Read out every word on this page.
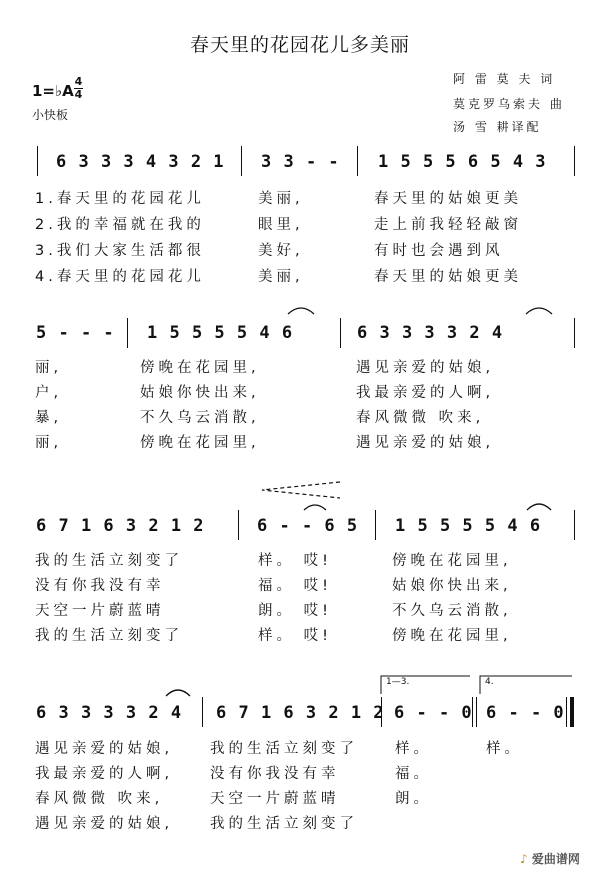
春天里的花园花儿多美丽
阿 雷 莫 夫 词
莫克罗乌索夫 曲
汤 雪 耕译配
1=♭A
4
4
小快板
6 3 3 3 4 3 2 1 3 3 - - 1 5 5 5 6 5 4 3
1.春天里的花园花儿	美丽,	春天里的姑娘更美
2.我的幸福就在我的	眼里,	走上前我轻轻敲窗
3.我们大家生活都很	美好,	有时也会遇到风
4.春天里的花园花儿	美丽,	春天里的姑娘更美
5 - - - 1 5 5 5 5 4 6	6 3 3 3 3 2 4
丽,	傍晚在花园里,	遇见亲爱的姑娘,
户,	姑娘你快出来,	我最亲爱的人啊,
暴,	不久乌云消散,	春风微微 吹来,
丽,	傍晚在花园里,	遇见亲爱的姑娘,
6 7 1 6 3 2 1 2	6 - - 6 5 1 5 5 5 5 4 6
我的生活立刻变了	样。 哎!	傍晚在花园里,
没有你我没有幸	福。 哎!	姑娘你快出来,
天空一片蔚蓝晴	朗。 哎!	不久乌云消散,
我的生活立刻变了	样。 哎!	傍晚在花园里,
1—3.	4.
6 3 3 3 3 2 4 6 7 1 6 3 2 1 2 6 - - 0 6 - - 0
遇见亲爱的姑娘,	我的生活立刻变了	样。	样。
我最亲爱的人啊,	没有你我没有幸	福。
春风微微 吹来,	天空一片蔚蓝晴	朗。
遇见亲爱的姑娘,	我的生活立刻变了
♪ 爱曲谱网
